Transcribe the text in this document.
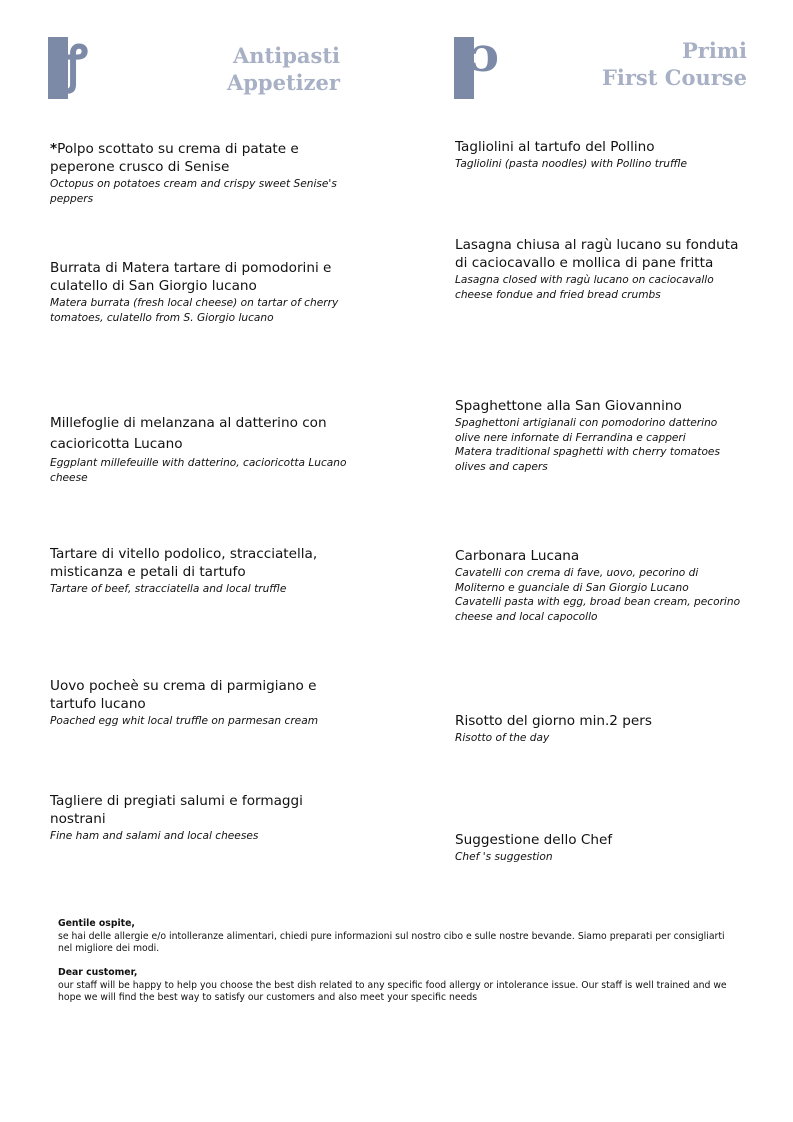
ꝭ	Antipasti
Appetizer	ɔ	Primi
First Course
*Polpo scottato su crema di patate e peperone crusco di Senise
Octopus on potatoes cream and crispy sweet Senise's peppers
Burrata di Matera tartare di pomodorini e culatello di San Giorgio lucano
Matera burrata (fresh local cheese) on tartar of cherry tomatoes, culatello from S. Giorgio lucano
Millefoglie di melanzana al datterino con cacioricotta Lucano
Eggplant millefeuille with datterino, cacioricotta Lucano cheese
Tartare di vitello podolico, stracciatella, misticanza e petali di tartufo
Tartare of beef, stracciatella and local truffle
Uovo pocheè su crema di parmigiano e tartufo lucano
Poached egg whit local truffle on parmesan cream
Tagliere di pregiati salumi e formaggi nostrani
Fine ham and salami and local cheeses
Tagliolini al tartufo del Pollino
Tagliolini (pasta noodles) with Pollino truffle
Lasagna chiusa al ragù lucano su fonduta di caciocavallo e mollica di pane fritta
Lasagna closed with ragù lucano on caciocavallo cheese fondue and fried bread crumbs
Spaghettone alla San Giovannino
Spaghettoni artigianali con pomodorino datterino olive nere infornate di Ferrandina e capperi
Matera traditional spaghetti with cherry tomatoes olives and capers
Carbonara Lucana
Cavatelli con crema di fave, uovo, pecorino di Moliterno e guanciale di San Giorgio Lucano
Cavatelli pasta with egg, broad bean cream, pecorino cheese and local capocollo
Risotto del giorno min.2 pers
Risotto of the day
Suggestione dello Chef
Chef 's suggestion
Gentile ospite,
se hai delle allergie e/o intolleranze alimentari, chiedi pure informazioni sul nostro cibo e sulle nostre bevande. Siamo preparati per consigliarti nel migliore dei modi.
Dear customer,
our staff will be happy to help you choose the best dish related to any specific food allergy or intolerance issue. Our staff is well trained and we hope we will find the best way to satisfy our customers and also meet your specific needs
